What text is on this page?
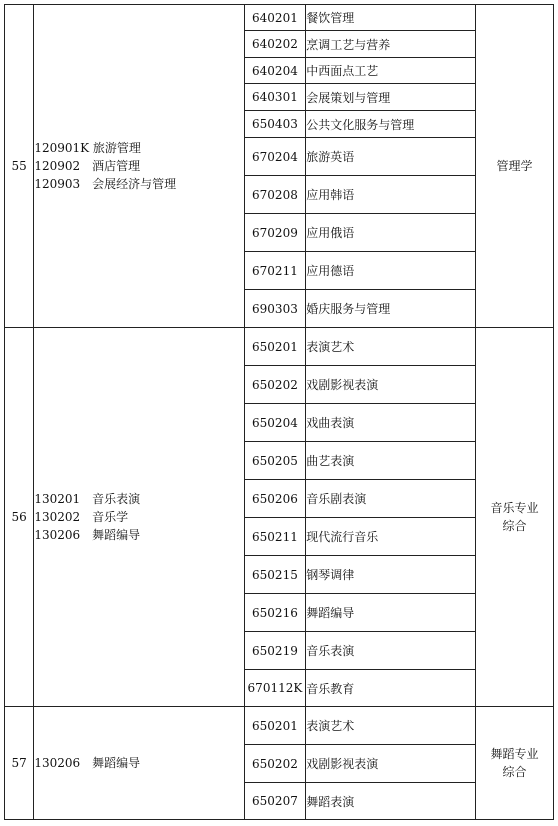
55	120901K 旅游管理
120902 酒店管理
120903 会展经济与管理	640201	餐饮管理	管理学

		640202	烹调工艺与营养	
		640204	中西面点工艺	
		640301	会展策划与管理	
		650403	公共文化服务与管理	
		670204	旅游英语	
		670208	应用韩语	
		670209	应用俄语	
		670211	应用德语	
		690303	婚庆服务与管理	
56	130201 音乐表演
130202 音乐学
130206 舞蹈编导	650201	表演艺术	音乐专业
综合

		650202	戏剧影视表演	
		650204	戏曲表演	
		650205	曲艺表演	
		650206	音乐剧表演	
		650211	现代流行音乐	
		650215	钢琴调律	
		650216	舞蹈编导	
		650219	音乐表演	
		670112K	音乐教育	
57	130206 舞蹈编导	650201	表演艺术	舞蹈专业
综合

		650202	戏剧影视表演	
		650207	舞蹈表演	
